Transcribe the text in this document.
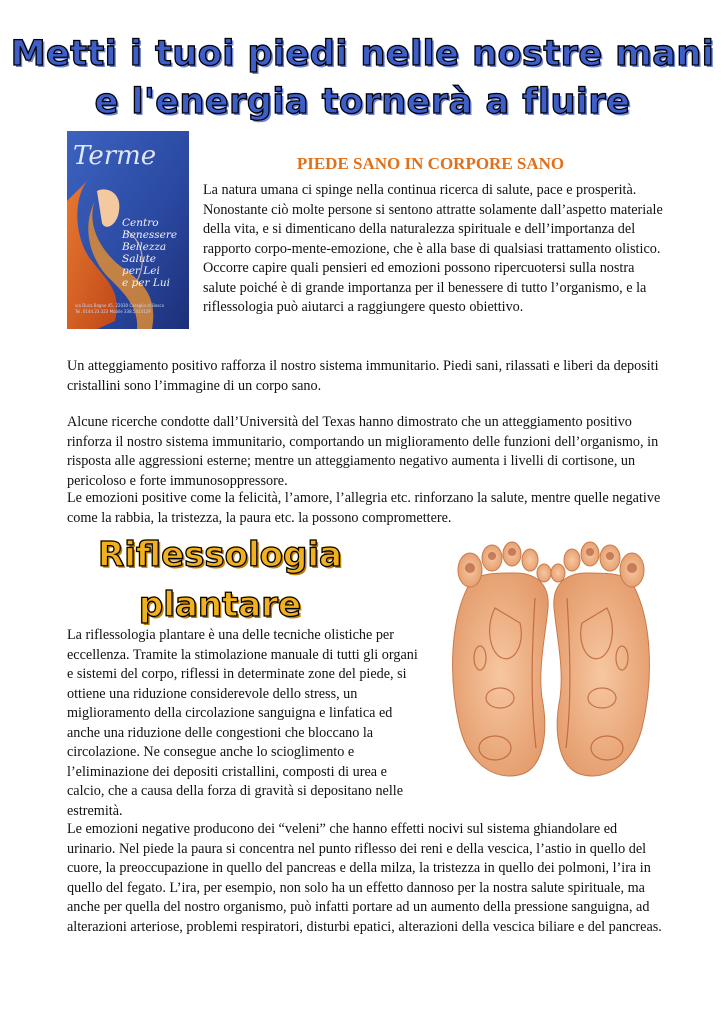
Metti i tuoi piedi nelle nostre mani
e l'energia tornerà a fluire
Terme
Centro
Benessere
Bellezza
Salute
per Lei
e per Lui
via Duca Bagno 45, 22030 Caraglio di Bosco
Tel. 0144.23.323 Mobile 338.5414129
PIEDE SANO IN CORPORE SANO

La natura umana ci spinge nella continua ricerca di salute, pace e prosperità. Nonostante ciò molte persone si sentono attratte solamente dall’aspetto materiale della vita, e si dimenticano della naturalezza spirituale e dell’importanza del rapporto corpo-mente-emozione, che è alla base di qualsiasi trattamento olistico. Occorre capire quali pensieri ed emozioni possono ripercuotersi sulla nostra salute poiché è di grande importanza per il benessere di tutto l’organismo, e la riflessologia può aiutarci a raggiungere questo obiettivo.

Un atteggiamento positivo rafforza il nostro sistema immunitario. Piedi sani, rilassati e liberi da depositi cristallini sono l’immagine di un corpo sano.

Alcune ricerche condotte dall’Università del Texas hanno dimostrato che un atteggiamento positivo rinforza il nostro sistema immunitario, comportando un miglioramento delle funzioni dell’organismo, in risposta alle aggressioni esterne; mentre un atteggiamento negativo aumenta i livelli di cortisone, un pericoloso e forte immunosoppressore.

Le emozioni positive come la felicità, l’amore, l’allegria etc. rinforzano la salute, mentre quelle negative come la rabbia, la tristezza, la paura etc. la possono compromettere.

Riflessologia
plantare

La riflessologia plantare è una delle tecniche olistiche per eccellenza. Tramite la stimolazione manuale di tutti gli organi e sistemi del corpo, riflessi in determinate zone del piede, si ottiene una riduzione considerevole dello stress, un miglioramento della circolazione sanguigna e linfatica ed anche una riduzione delle congestioni che bloccano la circolazione. Ne consegue anche lo scioglimento e l’eliminazione dei depositi cristallini, composti di urea e calcio, che a causa della forza di gravità si depositano nelle estremità.

Le emozioni negative producono dei “veleni” che hanno effetti nocivi sul sistema ghiandolare ed urinario. Nel piede la paura si concentra nel punto riflesso dei reni e della vescica, l’astio in quello del cuore, la preoccupazione in quello del pancreas e della milza, la tristezza in quello dei polmoni, l’ira in quello del fegato. L’ira, per esempio, non solo ha un effetto dannoso per la nostra salute spirituale, ma anche per quella del nostro organismo, può infatti portare ad un aumento della pressione sanguigna, ad alterazioni arteriose, problemi respiratori, disturbi epatici, alterazioni della vescica biliare e del pancreas.
